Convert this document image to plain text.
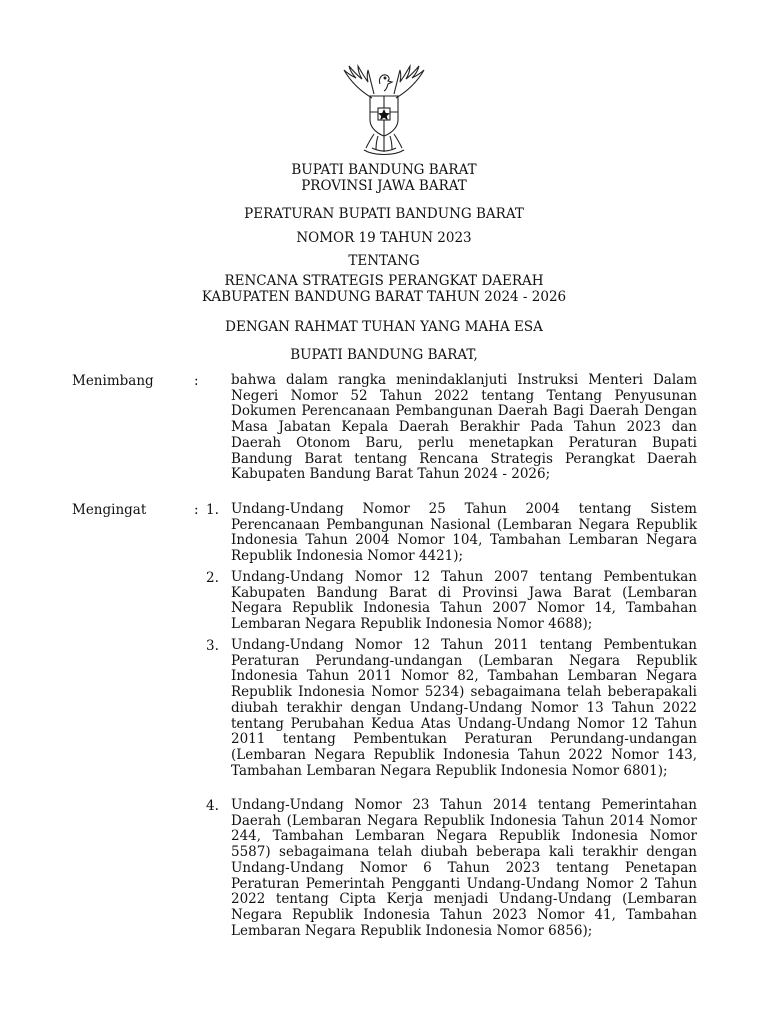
BUPATI BANDUNG BARAT
PROVINSI JAWA BARAT
PERATURAN BUPATI BANDUNG BARAT
NOMOR 19 TAHUN 2023
TENTANG
RENCANA STRATEGIS PERANGKAT DAERAH
KABUPATEN BANDUNG BARAT TAHUN 2024 - 2026
DENGAN RAHMAT TUHAN YANG MAHA ESA
BUPATI BANDUNG BARAT,
Menimbang	: bahwa dalam rangka menindaklanjuti Instruksi Menteri Dalam Negeri Nomor 52 Tahun 2022 tentang Tentang Penyusunan Dokumen Perencanaan Pembangunan Daerah Bagi Daerah Dengan Masa Jabatan Kepala Daerah Berakhir Pada Tahun 2023 dan Daerah Otonom Baru, perlu menetapkan Peraturan Bupati Bandung Barat tentang Rencana Strategis Perangkat Daerah Kabupaten Bandung Barat Tahun 2024 - 2026;
Mengingat	: 1. Undang-Undang Nomor 25 Tahun 2004 tentang Sistem Perencanaan Pembangunan Nasional (Lembaran Negara Republik Indonesia Tahun 2004 Nomor 104, Tambahan Lembaran Negara Republik Indonesia Nomor 4421);
2. Undang-Undang Nomor 12 Tahun 2007 tentang Pembentukan Kabupaten Bandung Barat di Provinsi Jawa Barat (Lembaran Negara Republik Indonesia Tahun 2007 Nomor 14, Tambahan Lembaran Negara Republik Indonesia Nomor 4688);
3. Undang-Undang Nomor 12 Tahun 2011 tentang Pembentukan Peraturan Perundang-undangan (Lembaran Negara Republik Indonesia Tahun 2011 Nomor 82, Tambahan Lembaran Negara Republik Indonesia Nomor 5234) sebagaimana telah beberapakali diubah terakhir dengan Undang-Undang Nomor 13 Tahun 2022 tentang Perubahan Kedua Atas Undang-Undang Nomor 12 Tahun 2011 tentang Pembentukan Peraturan Perundang-undangan (Lembaran Negara Republik Indonesia Tahun 2022 Nomor 143, Tambahan Lembaran Negara Republik Indonesia Nomor 6801);
4. Undang-Undang Nomor 23 Tahun 2014 tentang Pemerintahan Daerah (Lembaran Negara Republik Indonesia Tahun 2014 Nomor 244, Tambahan Lembaran Negara Republik Indonesia Nomor 5587) sebagaimana telah diubah beberapa kali terakhir dengan Undang-Undang Nomor 6 Tahun 2023 tentang Penetapan Peraturan Pemerintah Pengganti Undang-Undang Nomor 2 Tahun 2022 tentang Cipta Kerja menjadi Undang-Undang (Lembaran Negara Republik Indonesia Tahun 2023 Nomor 41, Tambahan Lembaran Negara Republik Indonesia Nomor 6856);
